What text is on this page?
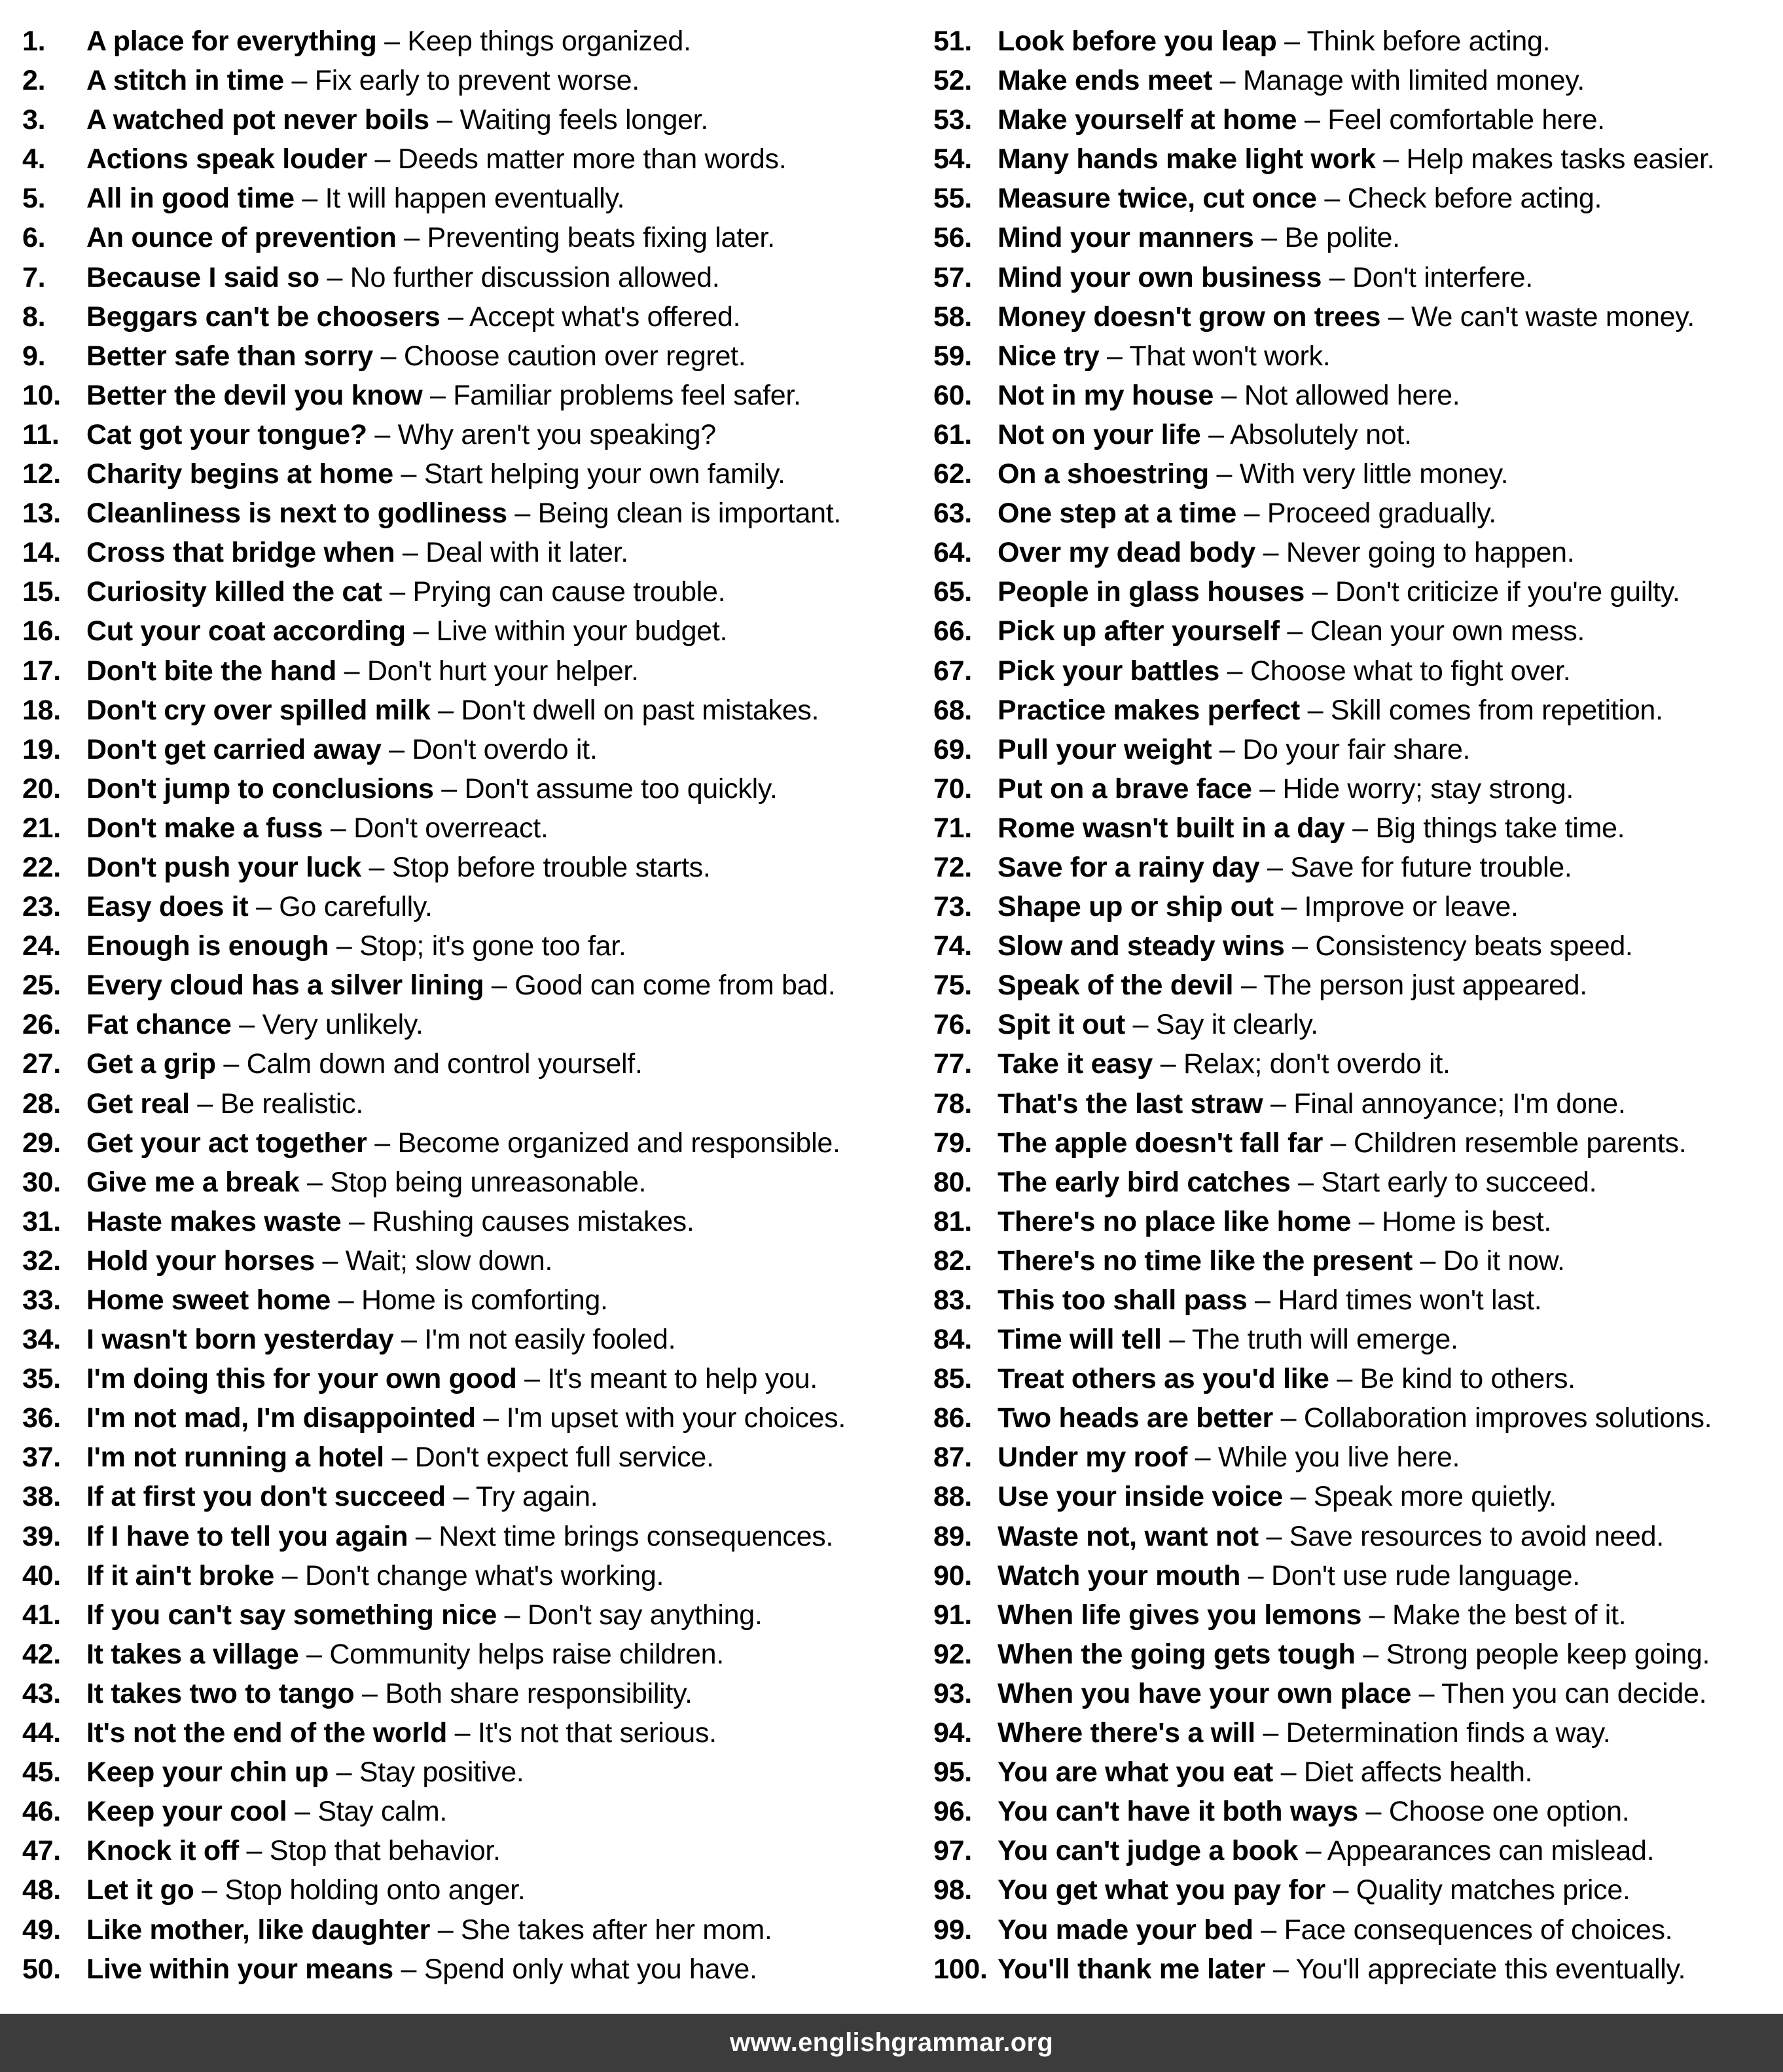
1. A place for everything – Keep things organized.
2. A stitch in time – Fix early to prevent worse.
3. A watched pot never boils – Waiting feels longer.
4. Actions speak louder – Deeds matter more than words.
5. All in good time – It will happen eventually.
6. An ounce of prevention – Preventing beats fixing later.
7. Because I said so – No further discussion allowed.
8. Beggars can't be choosers – Accept what's offered.
9. Better safe than sorry – Choose caution over regret.
10. Better the devil you know – Familiar problems feel safer.
11. Cat got your tongue? – Why aren't you speaking?
12. Charity begins at home – Start helping your own family.
13. Cleanliness is next to godliness – Being clean is important.
14. Cross that bridge when – Deal with it later.
15. Curiosity killed the cat – Prying can cause trouble.
16. Cut your coat according – Live within your budget.
17. Don't bite the hand – Don't hurt your helper.
18. Don't cry over spilled milk – Don't dwell on past mistakes.
19. Don't get carried away – Don't overdo it.
20. Don't jump to conclusions – Don't assume too quickly.
21. Don't make a fuss – Don't overreact.
22. Don't push your luck – Stop before trouble starts.
23. Easy does it – Go carefully.
24. Enough is enough – Stop; it's gone too far.
25. Every cloud has a silver lining – Good can come from bad.
26. Fat chance – Very unlikely.
27. Get a grip – Calm down and control yourself.
28. Get real – Be realistic.
29. Get your act together – Become organized and responsible.
30. Give me a break – Stop being unreasonable.
31. Haste makes waste – Rushing causes mistakes.
32. Hold your horses – Wait; slow down.
33. Home sweet home – Home is comforting.
34. I wasn't born yesterday – I'm not easily fooled.
35. I'm doing this for your own good – It's meant to help you.
36. I'm not mad, I'm disappointed – I'm upset with your choices.
37. I'm not running a hotel – Don't expect full service.
38. If at first you don't succeed – Try again.
39. If I have to tell you again – Next time brings consequences.
40. If it ain't broke – Don't change what's working.
41. If you can't say something nice – Don't say anything.
42. It takes a village – Community helps raise children.
43. It takes two to tango – Both share responsibility.
44. It's not the end of the world – It's not that serious.
45. Keep your chin up – Stay positive.
46. Keep your cool – Stay calm.
47. Knock it off – Stop that behavior.
48. Let it go – Stop holding onto anger.
49. Like mother, like daughter – She takes after her mom.
50. Live within your means – Spend only what you have.
51. Look before you leap – Think before acting.
52. Make ends meet – Manage with limited money.
53. Make yourself at home – Feel comfortable here.
54. Many hands make light work – Help makes tasks easier.
55. Measure twice, cut once – Check before acting.
56. Mind your manners – Be polite.
57. Mind your own business – Don't interfere.
58. Money doesn't grow on trees – We can't waste money.
59. Nice try – That won't work.
60. Not in my house – Not allowed here.
61. Not on your life – Absolutely not.
62. On a shoestring – With very little money.
63. One step at a time – Proceed gradually.
64. Over my dead body – Never going to happen.
65. People in glass houses – Don't criticize if you're guilty.
66. Pick up after yourself – Clean your own mess.
67. Pick your battles – Choose what to fight over.
68. Practice makes perfect – Skill comes from repetition.
69. Pull your weight – Do your fair share.
70. Put on a brave face – Hide worry; stay strong.
71. Rome wasn't built in a day – Big things take time.
72. Save for a rainy day – Save for future trouble.
73. Shape up or ship out – Improve or leave.
74. Slow and steady wins – Consistency beats speed.
75. Speak of the devil – The person just appeared.
76. Spit it out – Say it clearly.
77. Take it easy – Relax; don't overdo it.
78. That's the last straw – Final annoyance; I'm done.
79. The apple doesn't fall far – Children resemble parents.
80. The early bird catches – Start early to succeed.
81. There's no place like home – Home is best.
82. There's no time like the present – Do it now.
83. This too shall pass – Hard times won't last.
84. Time will tell – The truth will emerge.
85. Treat others as you'd like – Be kind to others.
86. Two heads are better – Collaboration improves solutions.
87. Under my roof – While you live here.
88. Use your inside voice – Speak more quietly.
89. Waste not, want not – Save resources to avoid need.
90. Watch your mouth – Don't use rude language.
91. When life gives you lemons – Make the best of it.
92. When the going gets tough – Strong people keep going.
93. When you have your own place – Then you can decide.
94. Where there's a will – Determination finds a way.
95. You are what you eat – Diet affects health.
96. You can't have it both ways – Choose one option.
97. You can't judge a book – Appearances can mislead.
98. You get what you pay for – Quality matches price.
99. You made your bed – Face consequences of choices.
100. You'll thank me later – You'll appreciate this eventually.
www.englishgrammar.org
